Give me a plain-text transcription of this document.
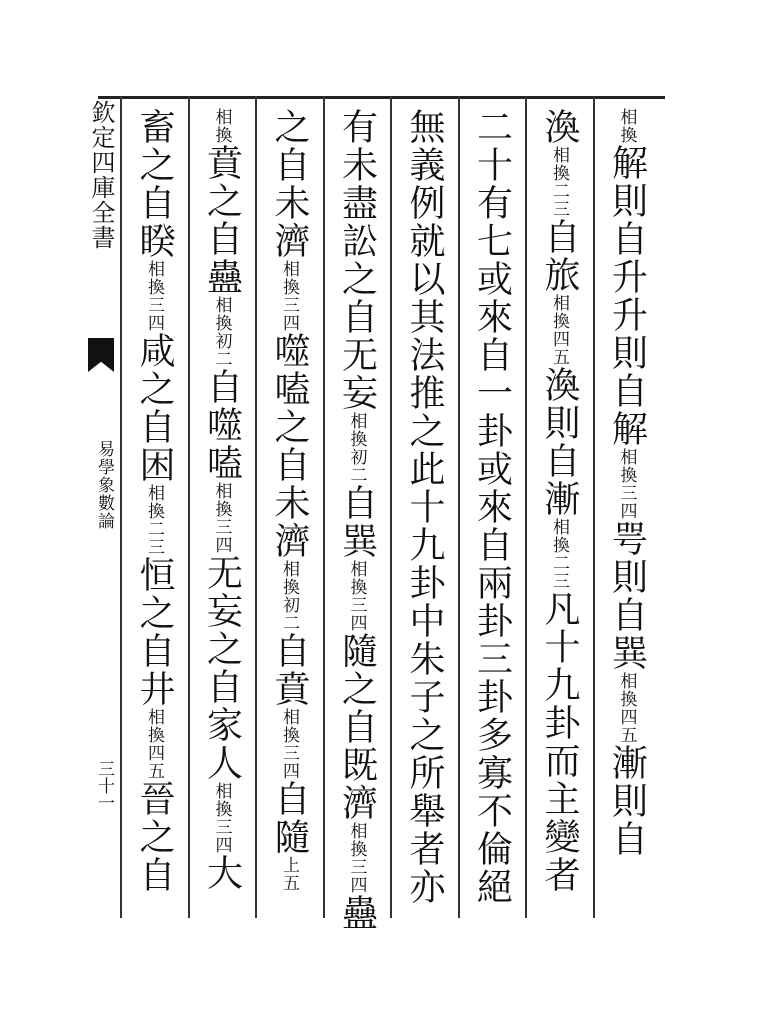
欽定四庫全書
易學象數論
三十一
相換解則自升升則自解相換三四咢則自巽相換四五漸則自
渙相換二三自旅相換四五渙則自漸相換二三凡十九卦而主變者
二十有七或來自一卦或來自兩卦三卦多寡不倫絕
無義例就以其法推之此十九卦中朱子之所舉者亦
有未盡訟之自无妄相換初二自巽相換三四隨之自既濟相換三四蠱
之自未濟相換三四噬嗑之自未濟相換初二自賁相換三四自隨上五
相換賁之自蠱相換初二自噬嗑相換三四无妄之自家人相換三四大
畜之自睽相換三四咸之自困相換二三恒之自井相換四五晉之自
